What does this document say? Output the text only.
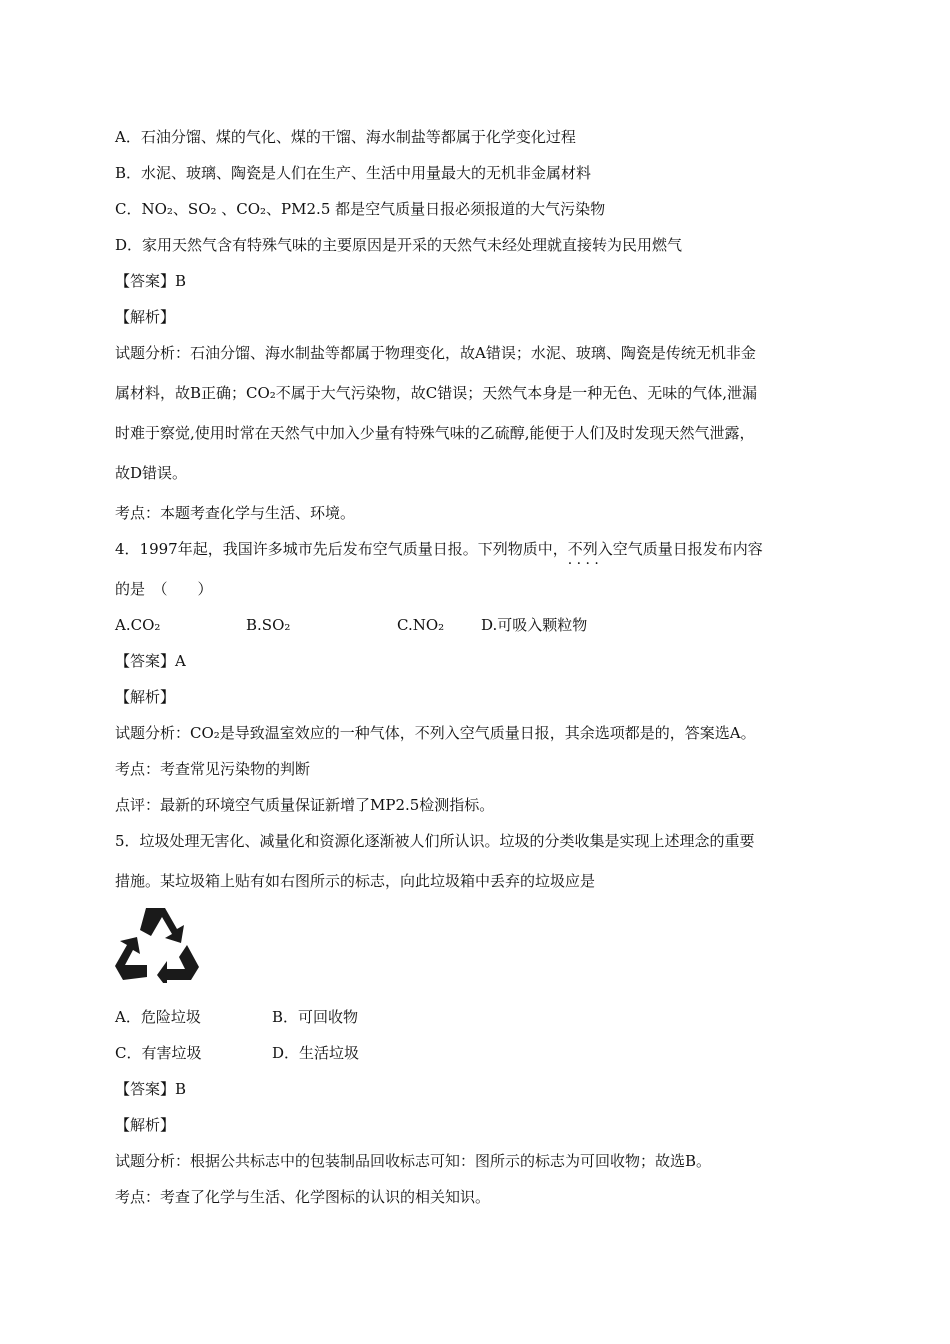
A．石油分馏、煤的气化、煤的干馏、海水制盐等都属于化学变化过程
B．水泥、玻璃、陶瓷是人们在生产、生活中用量最大的无机非金属材料
C．NO₂、SO₂ 、CO₂、PM2.5 都是空气质量日报必须报道的大气污染物
D．家用天然气含有特殊气味的主要原因是开采的天然气未经处理就直接转为民用燃气
【答案】B
【解析】
试题分析：石油分馏、海水制盐等都属于物理变化，故A错误；水泥、玻璃、陶瓷是传统无机非金
属材料，故B正确；CO₂不属于大气污染物，故C错误；天然气本身是一种无色、无味的气体,泄漏
时难于察觉,使用时常在天然气中加入少量有特殊气味的乙硫醇,能便于人们及时发现天然气泄露，
故D错误。
考点：本题考查化学与生活、环境。
4．1997年起，我国许多城市先后发布空气质量日报。下列物质中，不列入 · · 空气质量日报发布内容
的是　（　　）
A.CO₂	B.SO₂	C.NO₂ D.可吸入颗粒物
【答案】A
【解析】
试题分析：CO₂是导致温室效应的一种气体，不列入空气质量日报，其余选项都是的，答案选A。
考点：考查常见污染物的判断
点评：最新的环境空气质量保证新增了MP2.5检测指标。
5．垃圾处理无害化、减量化和资源化逐渐被人们所认识。垃圾的分类收集是实现上述理念的重要
措施。某垃圾箱上贴有如右图所示的标志，向此垃圾箱中丢弃的垃圾应是
A．危险垃圾	B．可回收物
C．有害垃圾	D．生活垃圾
【答案】B
【解析】
试题分析：根据公共标志中的包装制品回收标志可知：图所示的标志为可回收物；故选B。
考点：考查了化学与生活、化学图标的认识的相关知识。
